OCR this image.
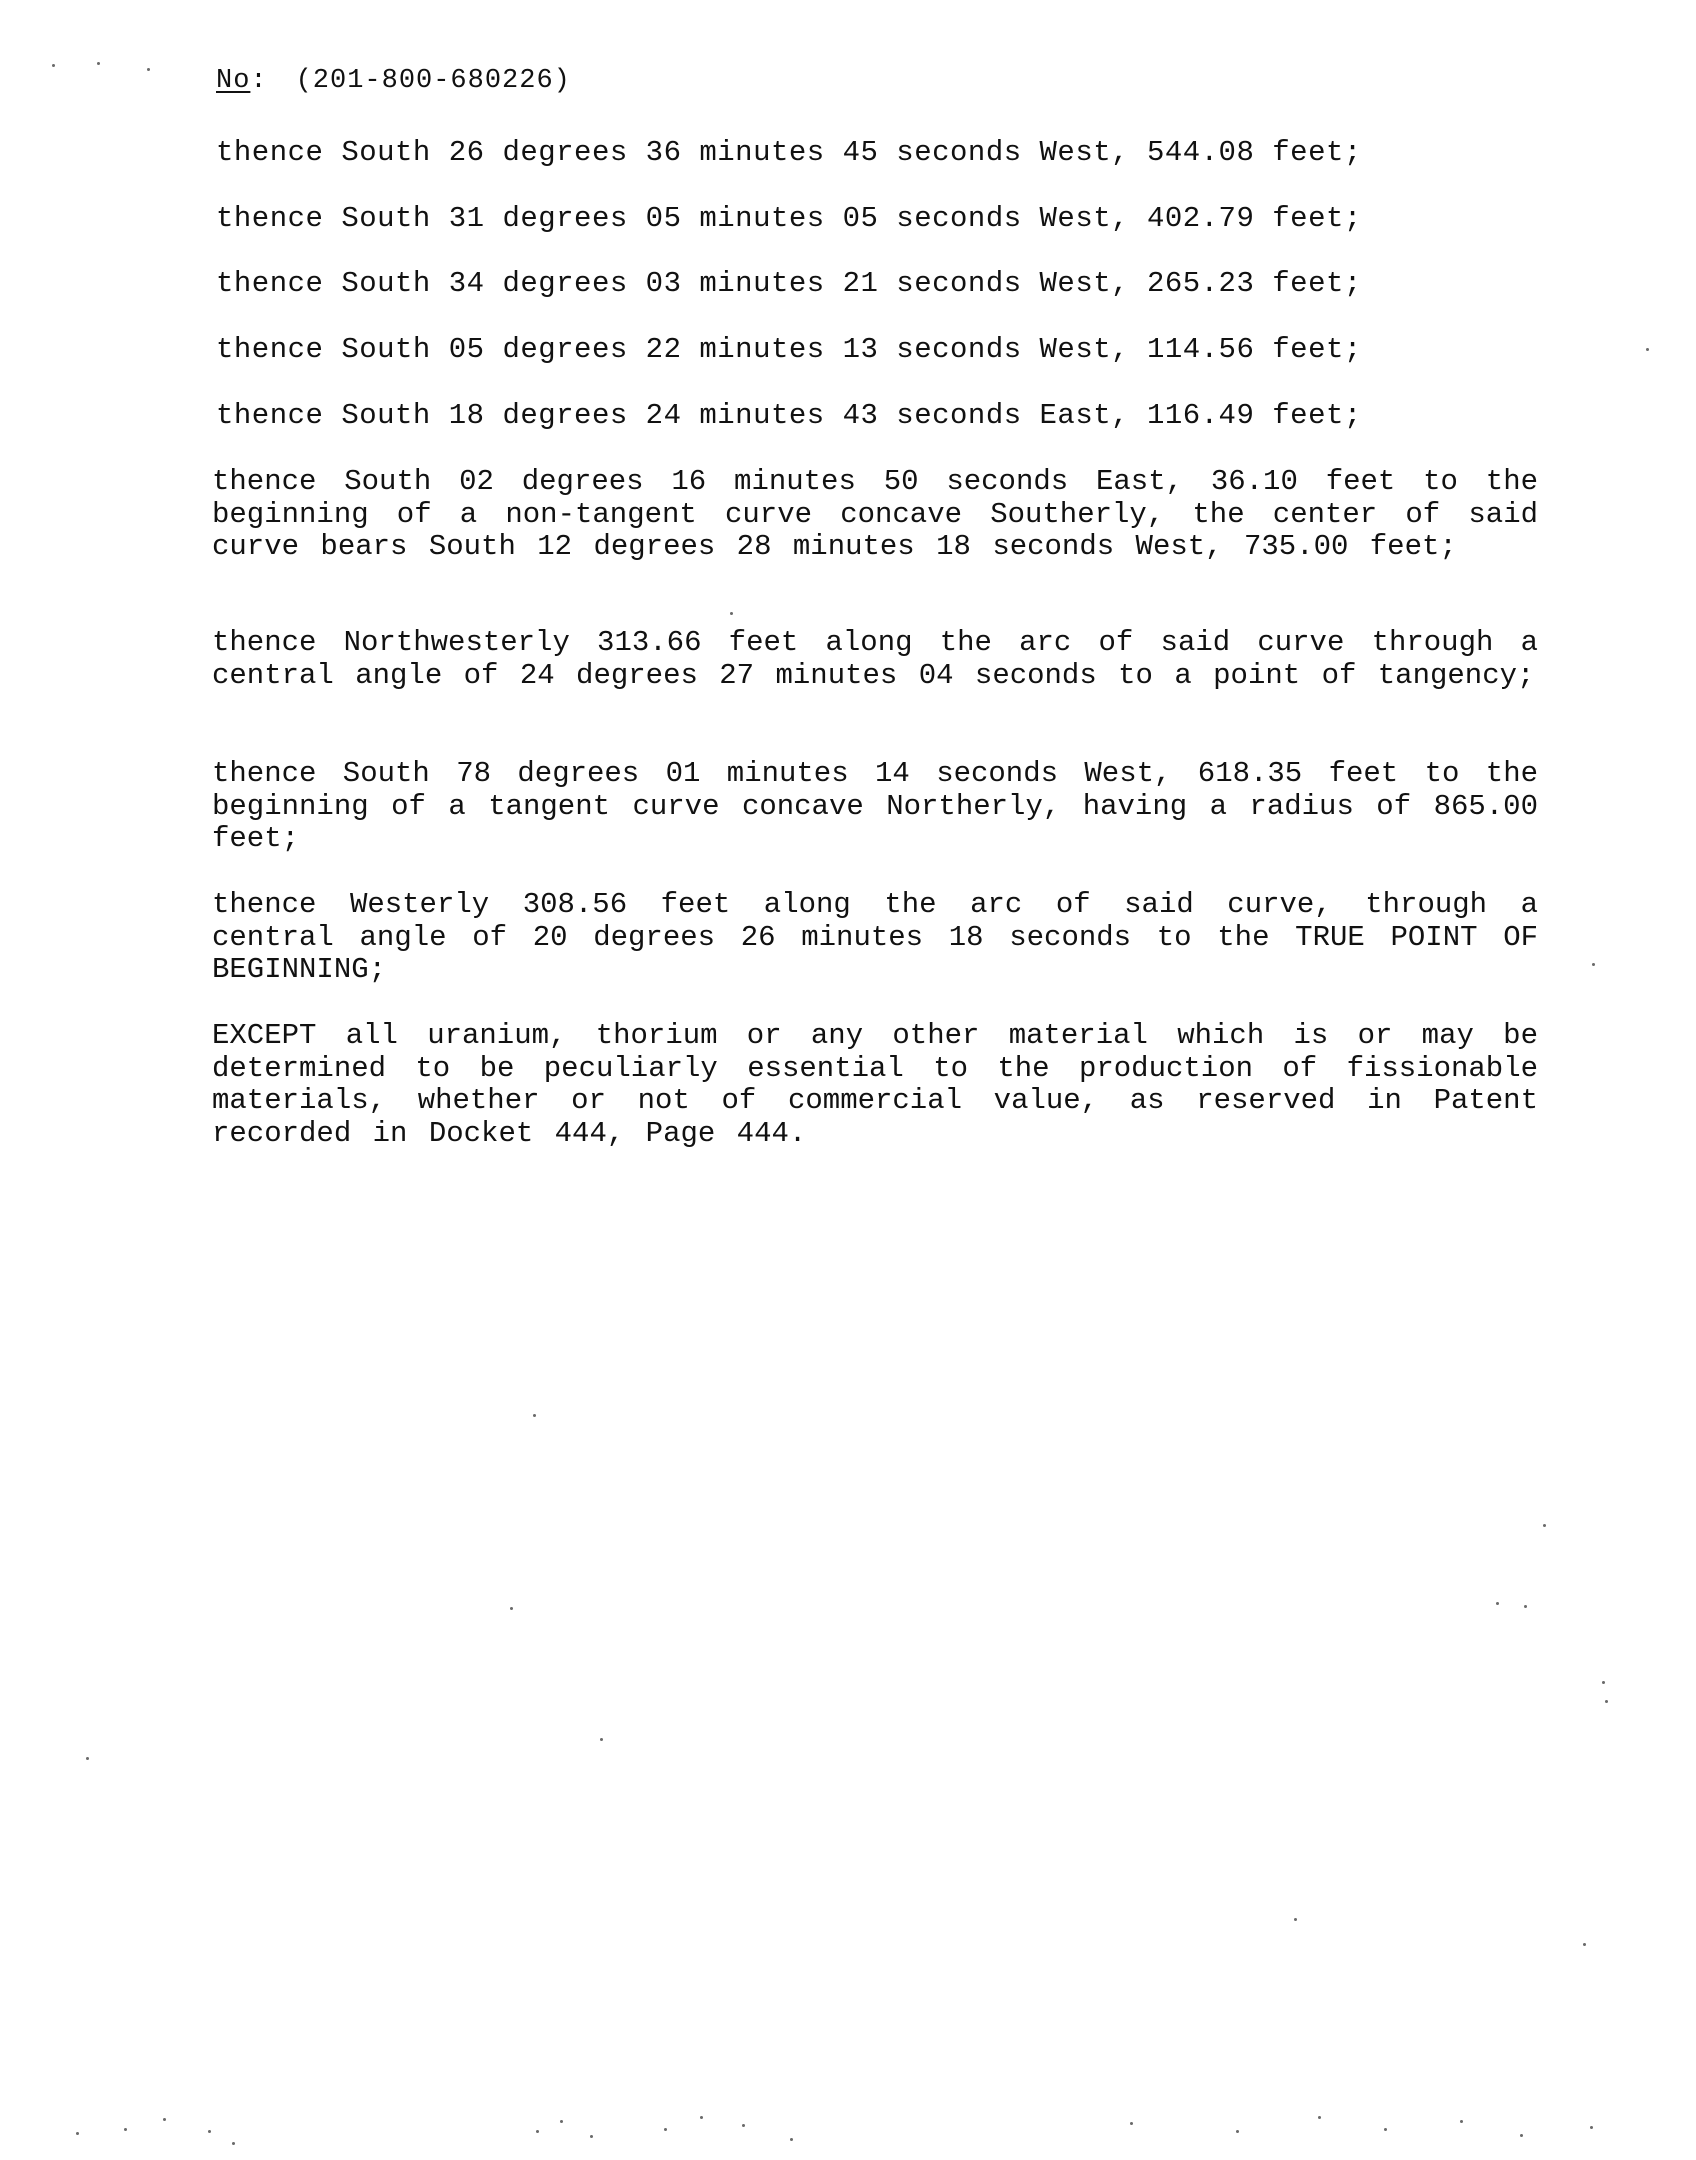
No: (201-800-680226)
thence South 26 degrees 36 minutes 45 seconds West, 544.08 feet;
thence South 31 degrees 05 minutes 05 seconds West, 402.79 feet;
thence South 34 degrees 03 minutes 21 seconds West, 265.23 feet;
thence South 05 degrees 22 minutes 13 seconds West, 114.56 feet;
thence South 18 degrees 24 minutes 43 seconds East, 116.49 feet;
thence South 02 degrees 16 minutes 50 seconds East, 36.10 feet to the beginning of a non-tangent curve concave Southerly, the center of said curve bears South 12 degrees 28 minutes 18 seconds West, 735.00 feet;
thence Northwesterly 313.66 feet along the arc of said curve through a central angle of 24 degrees 27 minutes 04 seconds to a point of tangency;
thence South 78 degrees 01 minutes 14 seconds West, 618.35 feet to the beginning of a tangent curve concave Northerly, having a radius of 865.00 feet;
thence Westerly 308.56 feet along the arc of said curve, through a central angle of 20 degrees 26 minutes 18 seconds to the TRUE POINT OF BEGINNING;
EXCEPT all uranium, thorium or any other material which is or may be determined to be peculiarly essential to the production of fissionable materials, whether or not of commercial value, as reserved in Patent recorded in Docket 444, Page 444.
